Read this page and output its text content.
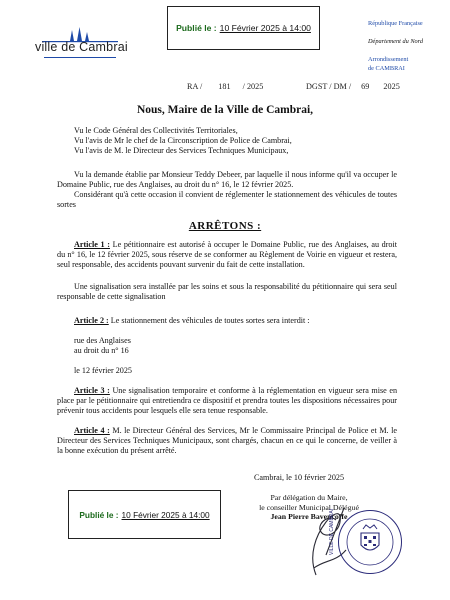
Publié le : 10 Février 2025 à 14:00
ville de Cambrai
République Française
Département du Nord
Arrondissement
de CAMBRAI
RA / 181 / 2025	DGST / DM / 69 2025
Nous, Maire de la Ville de Cambrai,
Vu le Code Général des Collectivités Territoriales,
Vu l'avis de Mr le chef de la Circonscription de Police de Cambrai,
Vu l'avis de M. le Directeur des Services Techniques Municipaux,
Vu la demande établie par Monsieur Teddy Debeer, par laquelle il nous informe qu'il va occuper le Domaine Public, rue des Anglaises, au droit du n° 16, le 12 février 2025.
Considérant qu'à cette occasion il convient de réglementer le stationnement des véhicules de toutes sortes
ARRÊTONS :
Article 1 : Le pétitionnaire est autorisé à occuper le Domaine Public, rue des Anglaises, au droit du n° 16, le 12 février 2025, sous réserve de se conformer au Règlement de Voirie en vigueur et restera, seul responsable, des accidents pouvant survenir du fait de cette installation.
Une signalisation sera installée par les soins et sous la responsabilité du pétitionnaire qui sera seul responsable de cette signalisation
Article 2 : Le stationnement des véhicules de toutes sortes sera interdit :
rue des Anglaises
au droit du n° 16
le 12 février 2025
Article 3 : Une signalisation temporaire et conforme à la réglementation en vigueur sera mise en place par le pétitionnaire qui entretiendra ce dispositif et prendra toutes les dispositions nécessaires pour prévenir tous accidents pour lesquels elle sera tenue responsable.
Article 4 : M. le Directeur Général des Services, Mr le Commissaire Principal de Police et M. le Directeur des Services Techniques Municipaux, sont chargés, chacun en ce qui le concerne, de veiller à la bonne exécution du présent arrêté.
Cambrai, le 10 février 2025
Par délégation du Maire,
le conseiller Municipal Délégué
Jean Pierre Bavencoffe
VILLE DE CAMBRAI
Publié le : 10 Février 2025 à 14:00
